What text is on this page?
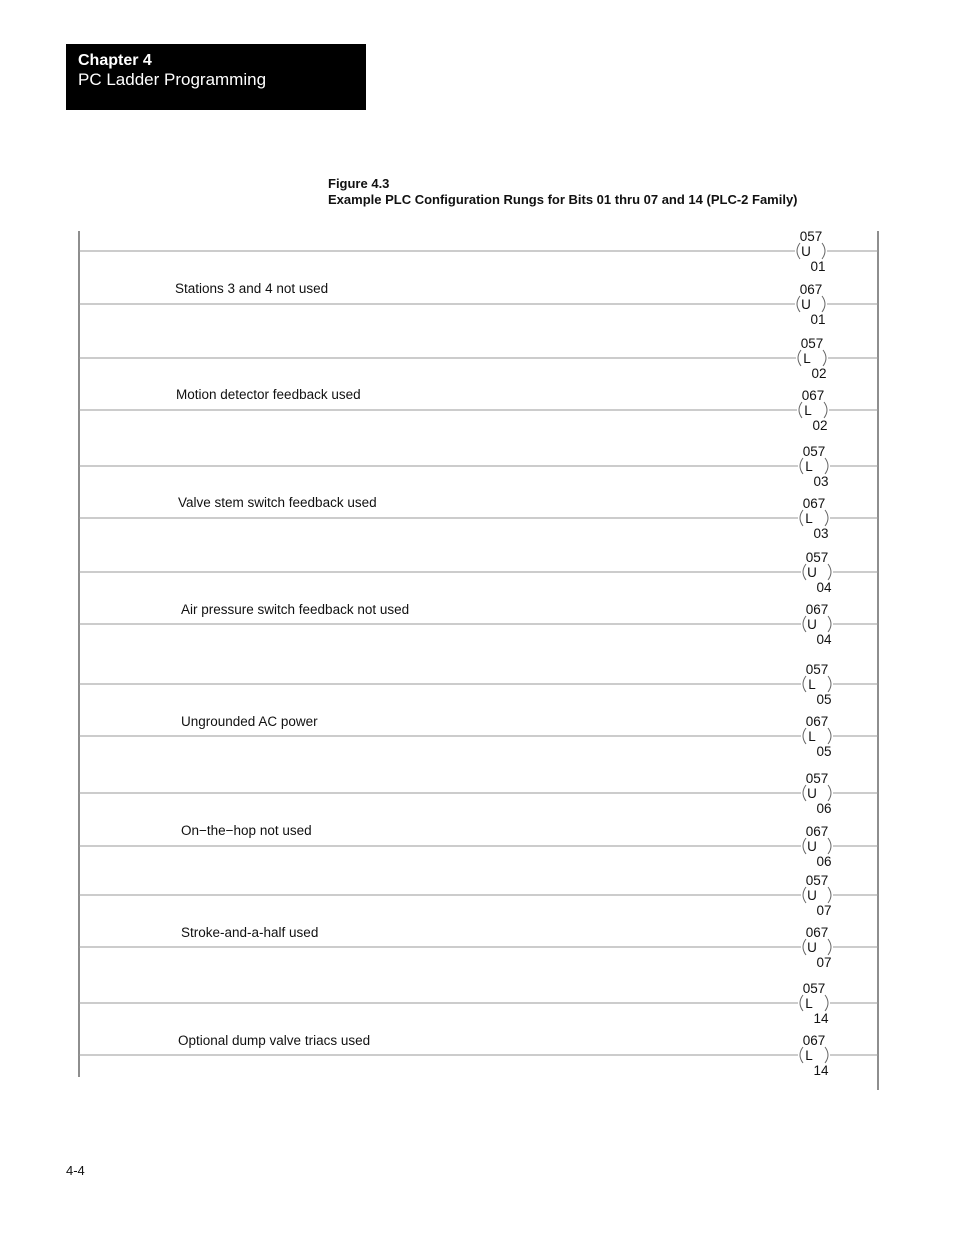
Chapter 4
PC Ladder Programming
Figure 4.3
Example PLC Configuration Rungs for Bits 01 thru 07 and 14 (PLC-2 Family)
057
U
01
067
U
01
057
L
02
067
L
02
057
L
03
067
L
03
057
U
04
067
U
04
057
L
05
067
L
05
057
U
06
067
U
06
057
U
07
067
U
07
057
L
14
067
L
14
Stations 3 and 4 not used
Motion detector feedback used
Valve stem switch feedback used
Air pressure switch feedback not used
Ungrounded AC power
On−the−hop not used
Stroke-and-a-half used
Optional dump valve triacs used
4-4
